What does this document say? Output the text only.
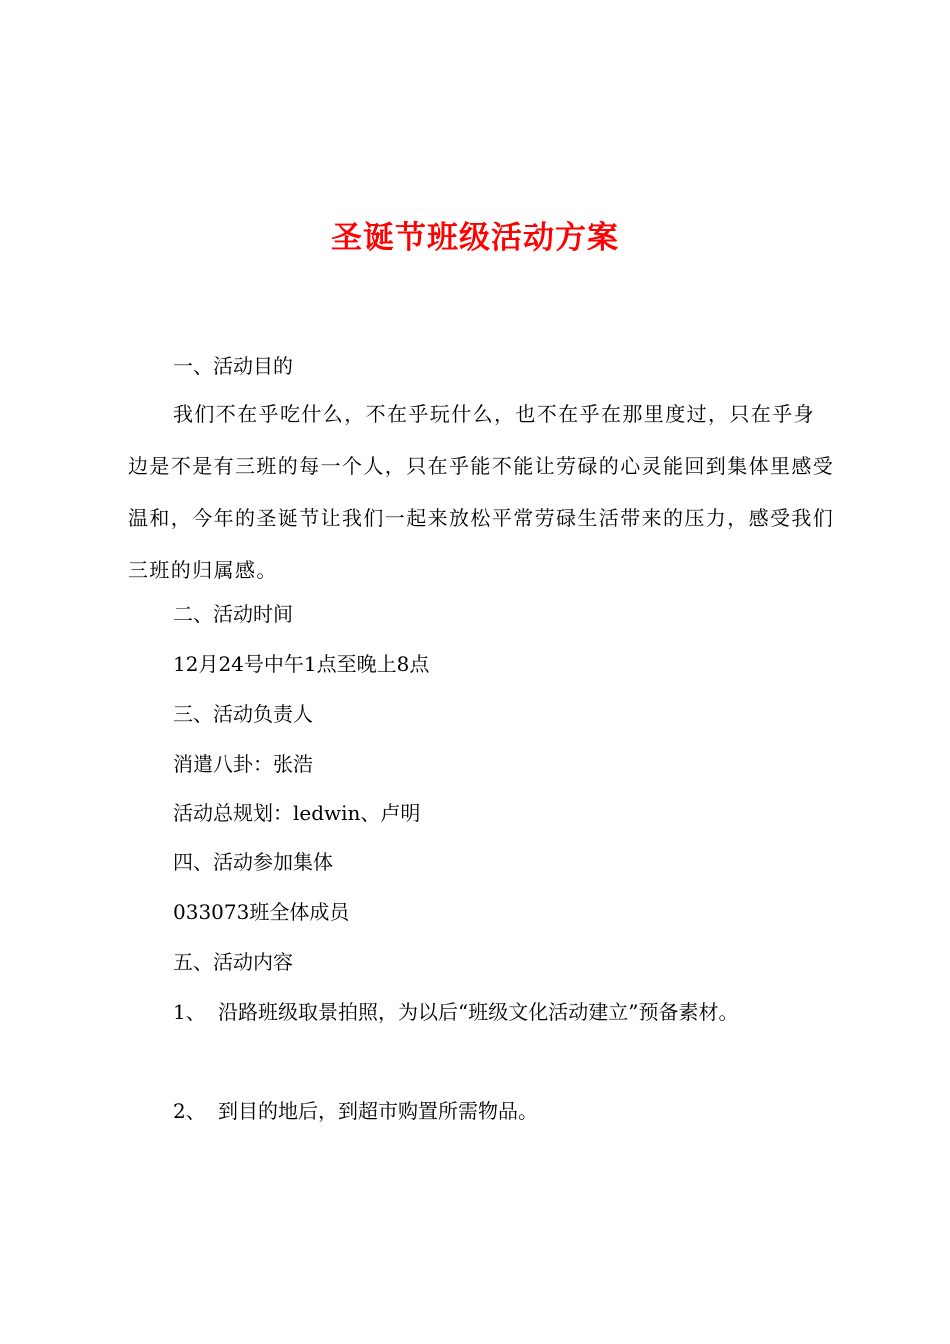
圣诞节班级活动方案

一、活动目的

我们不在乎吃什么，不在乎玩什么，也不在乎在那里度过，只在乎身边是不是有三班的每一个人，只在乎能不能让劳碌的心灵能回到集体里感受温和，今年的圣诞节让我们一起来放松平常劳碌生活带来的压力，感受我们三班的归属感。

二、活动时间

12月24号中午1点至晚上8点

三、活动负责人

消遣八卦：张浩

活动总规划：ledwin、卢明

四、活动参加集体

033073班全体成员

五、活动内容

1、 沿路班级取景拍照，为以后“班级文化活动建立”预备素材。

2、 到目的地后，到超市购置所需物品。
